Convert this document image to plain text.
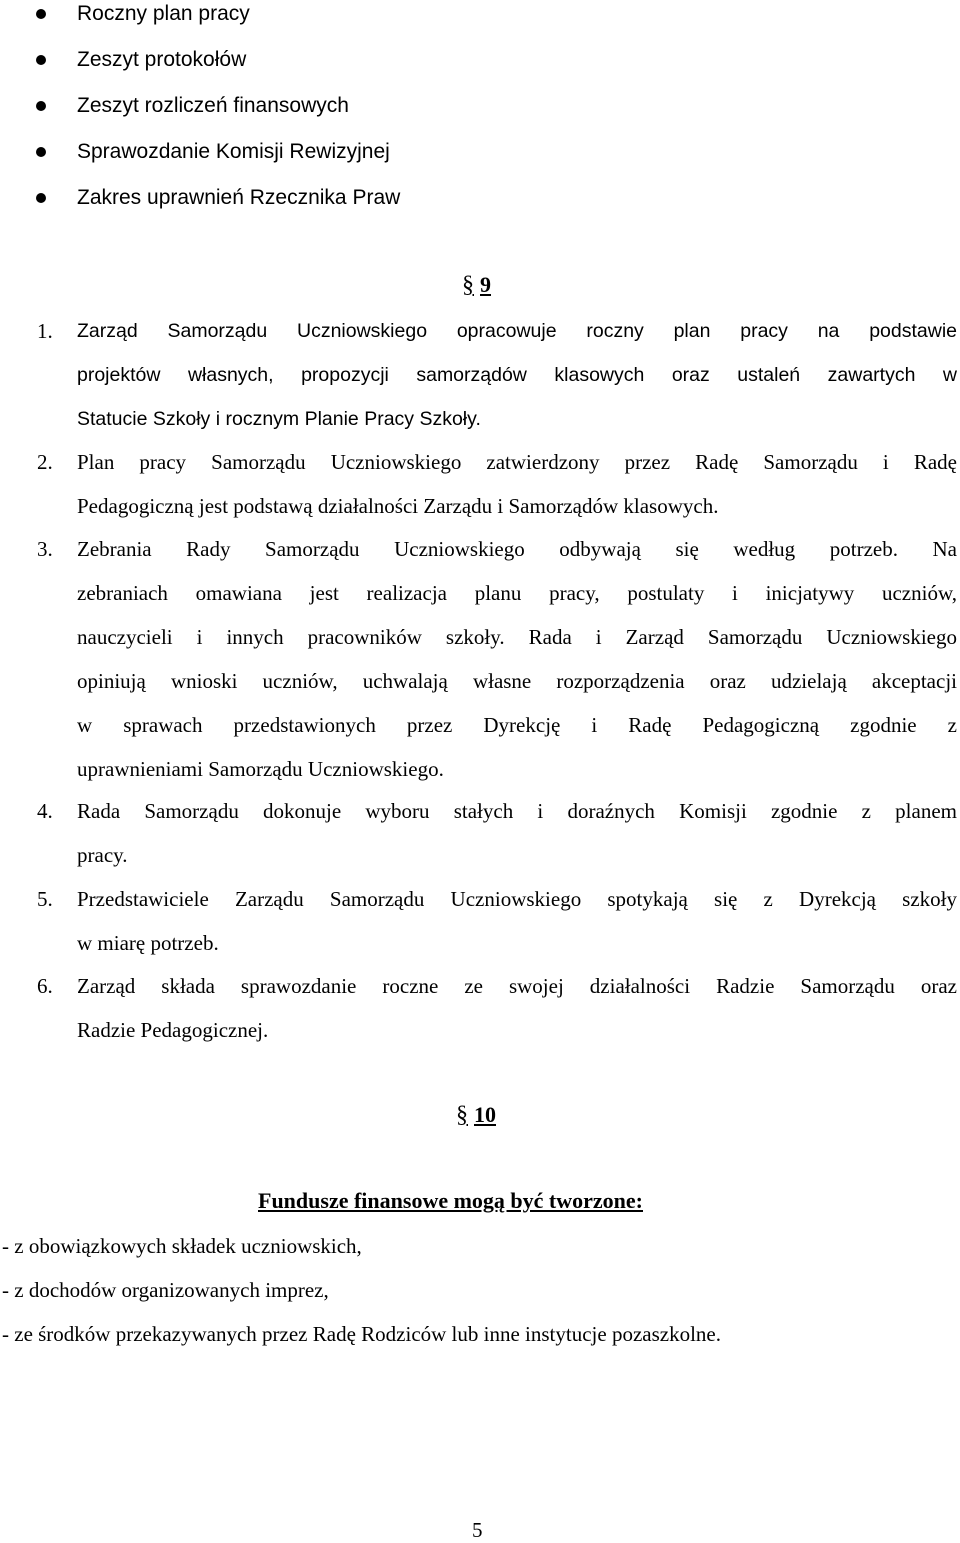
Roczny plan pracy
Zeszyt protokołów
Zeszyt rozliczeń finansowych
Sprawozdanie Komisji Rewizyjnej
Zakres uprawnień Rzecznika Praw
§ 9
1. Zarząd Samorządu Uczniowskiego opracowuje roczny plan pracy na podstawie
projektów własnych, propozycji samorządów klasowych oraz ustaleń zawartych w
Statucie Szkoły i rocznym Planie Pracy Szkoły.
2. Plan pracy Samorządu Uczniowskiego zatwierdzony przez Radę Samorządu i Radę
Pedagogiczną jest podstawą działalności Zarządu i Samorządów klasowych.
3. Zebrania Rady Samorządu Uczniowskiego odbywają się według potrzeb. Na
zebraniach omawiana jest realizacja planu pracy, postulaty i inicjatywy uczniów,
nauczycieli i innych pracowników szkoły. Rada i Zarząd Samorządu Uczniowskiego
opiniują wnioski uczniów, uchwalają własne rozporządzenia oraz udzielają akceptacji
w sprawach przedstawionych przez Dyrekcję i Radę Pedagogiczną zgodnie z
uprawnieniami Samorządu Uczniowskiego.
4. Rada Samorządu dokonuje wyboru stałych i doraźnych Komisji zgodnie z planem
pracy.
5. Przedstawiciele Zarządu Samorządu Uczniowskiego spotykają się z Dyrekcją szkoły
w miarę potrzeb.
6. Zarząd składa sprawozdanie roczne ze swojej działalności Radzie Samorządu oraz
Radzie Pedagogicznej.
§ 10
Fundusze finansowe mogą być tworzone:
- z obowiązkowych składek uczniowskich,
- z dochodów organizowanych imprez,
- ze środków przekazywanych przez Radę Rodziców lub inne instytucje pozaszkolne.
5
